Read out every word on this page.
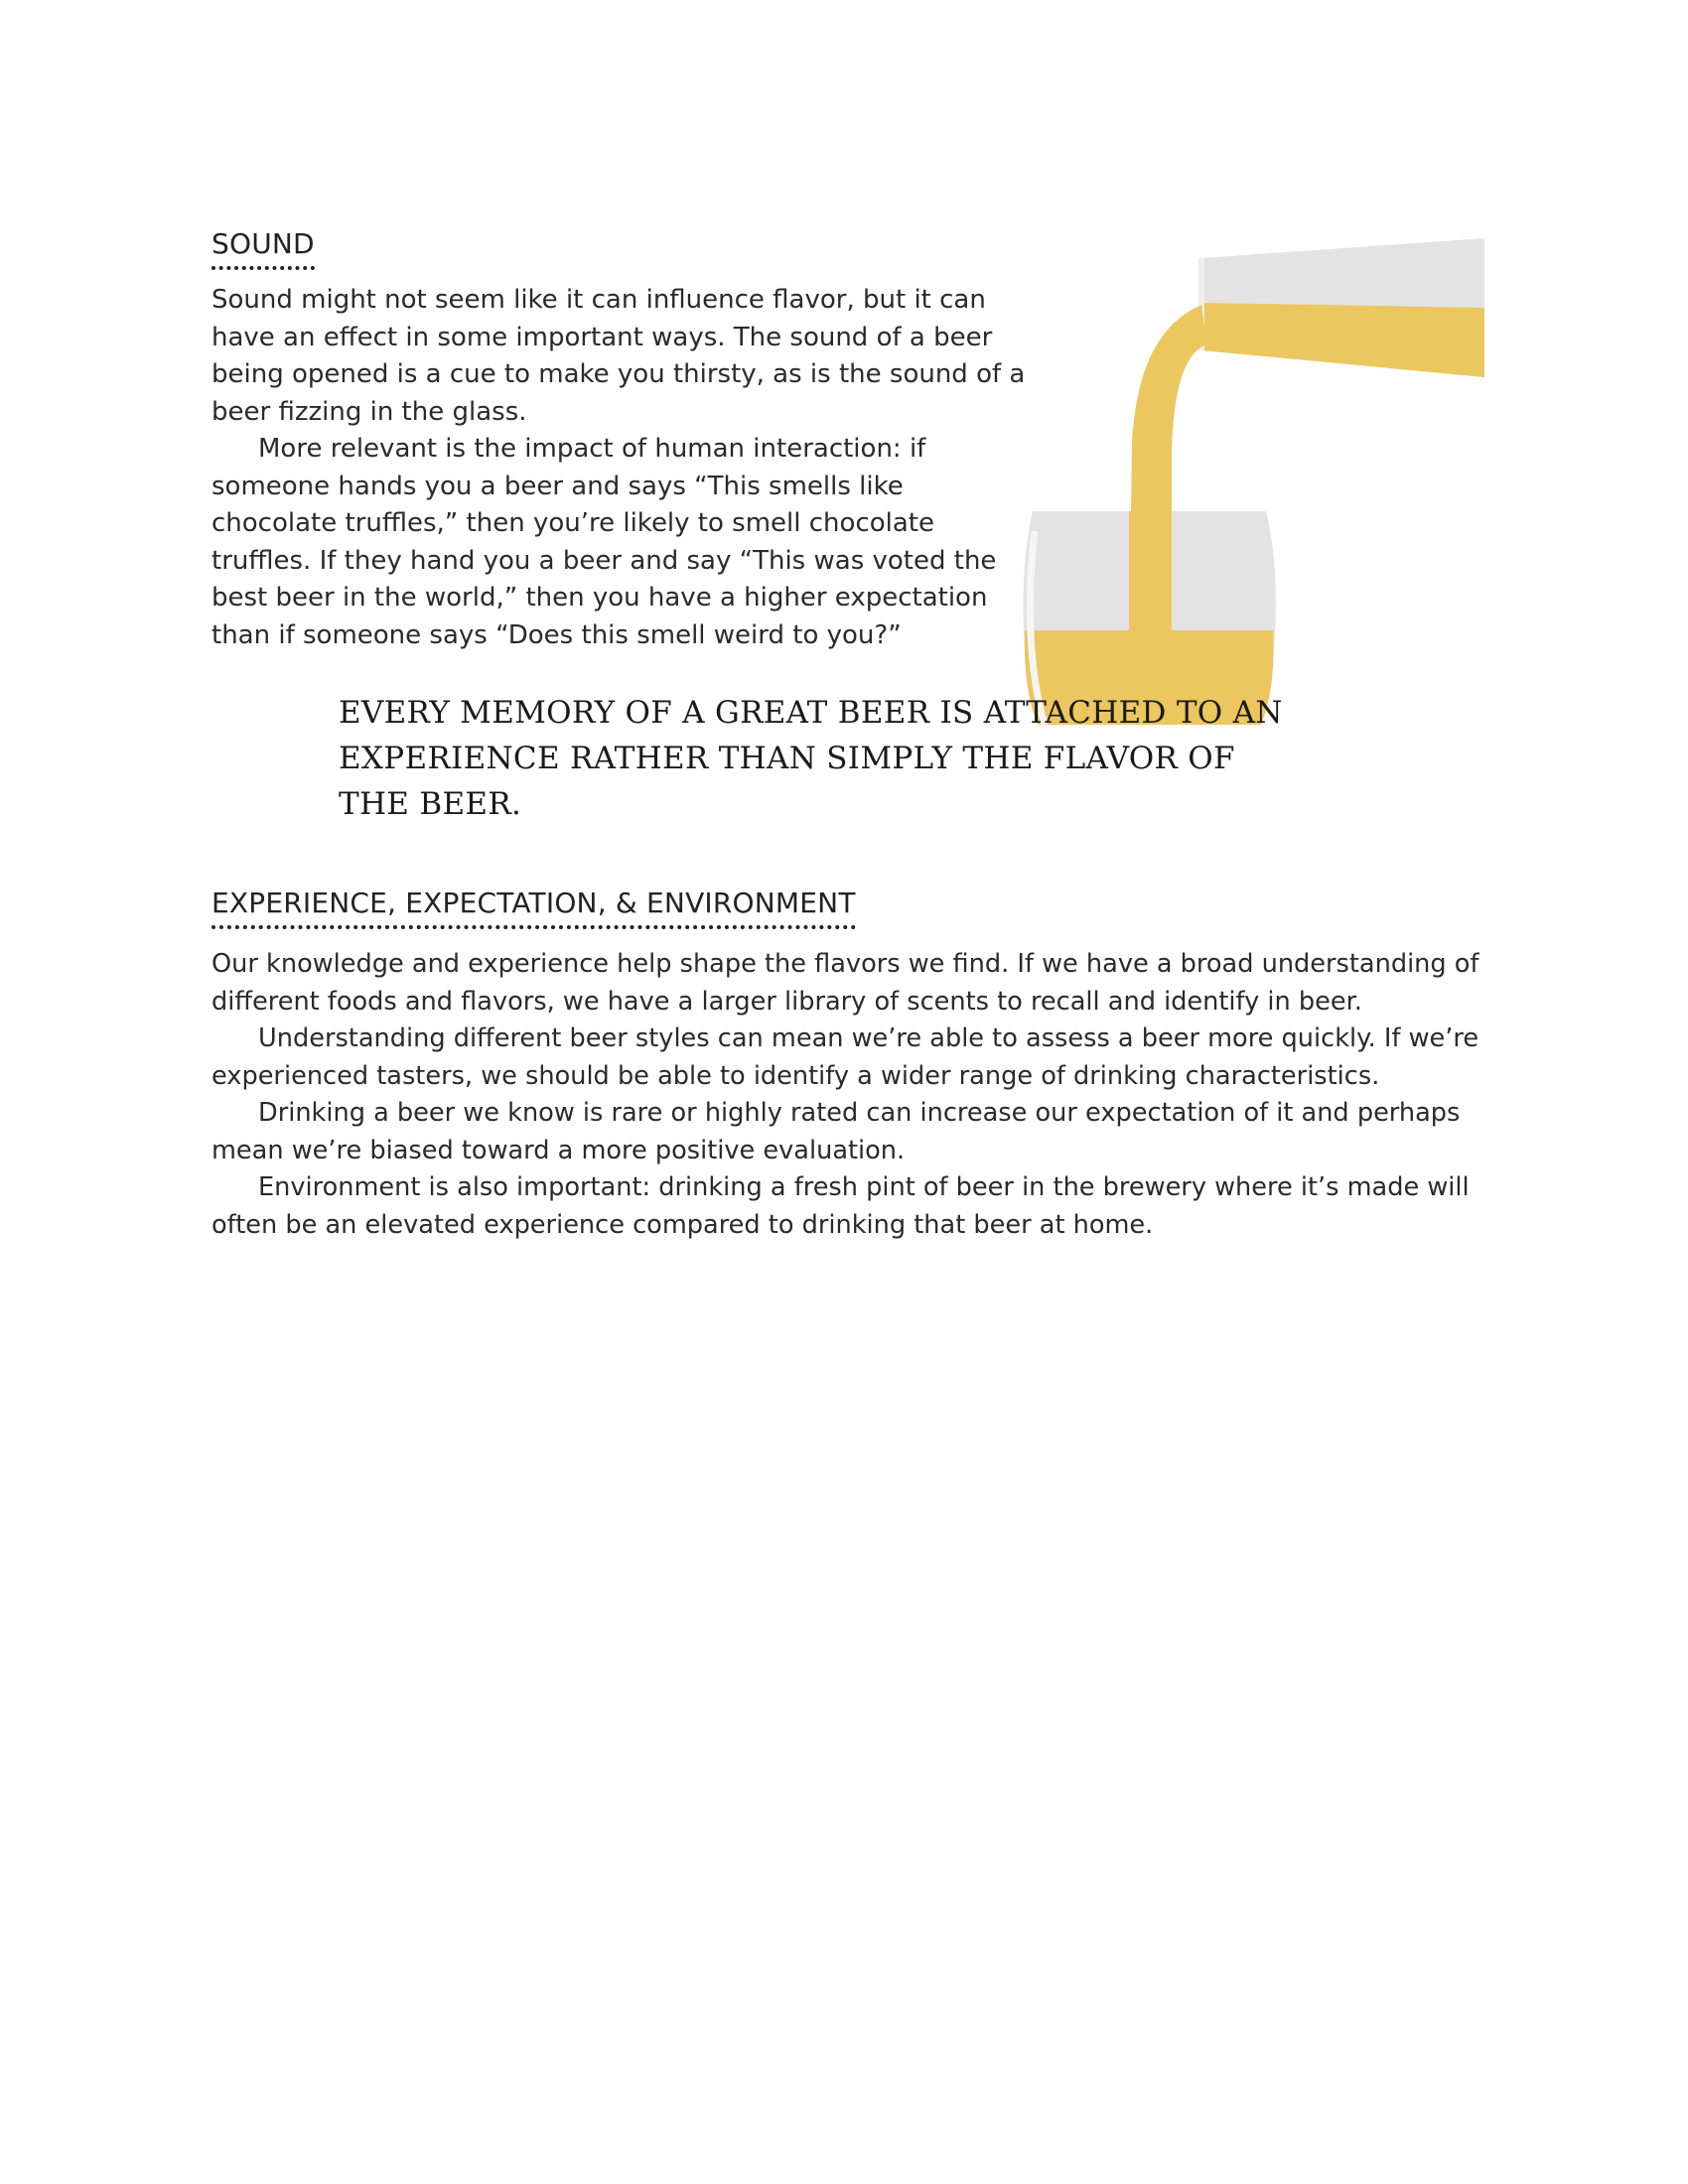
SOUND

Sound might not seem like it can influence flavor, but it can have an effect in some important ways. The sound of a beer being opened is a cue to make you thirsty, as is the sound of a beer fizzing in the glass.

More relevant is the impact of human interaction: if someone hands you a beer and says “This smells like chocolate truffles,” then you’re likely to smell chocolate truffles. If they hand you a beer and say “This was voted the best beer in the world,” then you have a higher expectation than if someone says “Does this smell weird to you?”

EVERY MEMORY OF A GREAT BEER IS ATTACHED TO AN EXPERIENCE RATHER THAN SIMPLY THE FLAVOR OF THE BEER.

EXPERIENCE, EXPECTATION, & ENVIRONMENT

Our knowledge and experience help shape the flavors we find. If we have a broad understanding of different foods and flavors, we have a larger library of scents to recall and identify in beer.

Understanding different beer styles can mean we’re able to assess a beer more quickly. If we’re experienced tasters, we should be able to identify a wider range of drinking characteristics.

Drinking a beer we know is rare or highly rated can increase our expectation of it and perhaps mean we’re biased toward a more positive evaluation.

Environment is also important: drinking a fresh pint of beer in the brewery where it’s made will often be an elevated experience compared to drinking that beer at home.
